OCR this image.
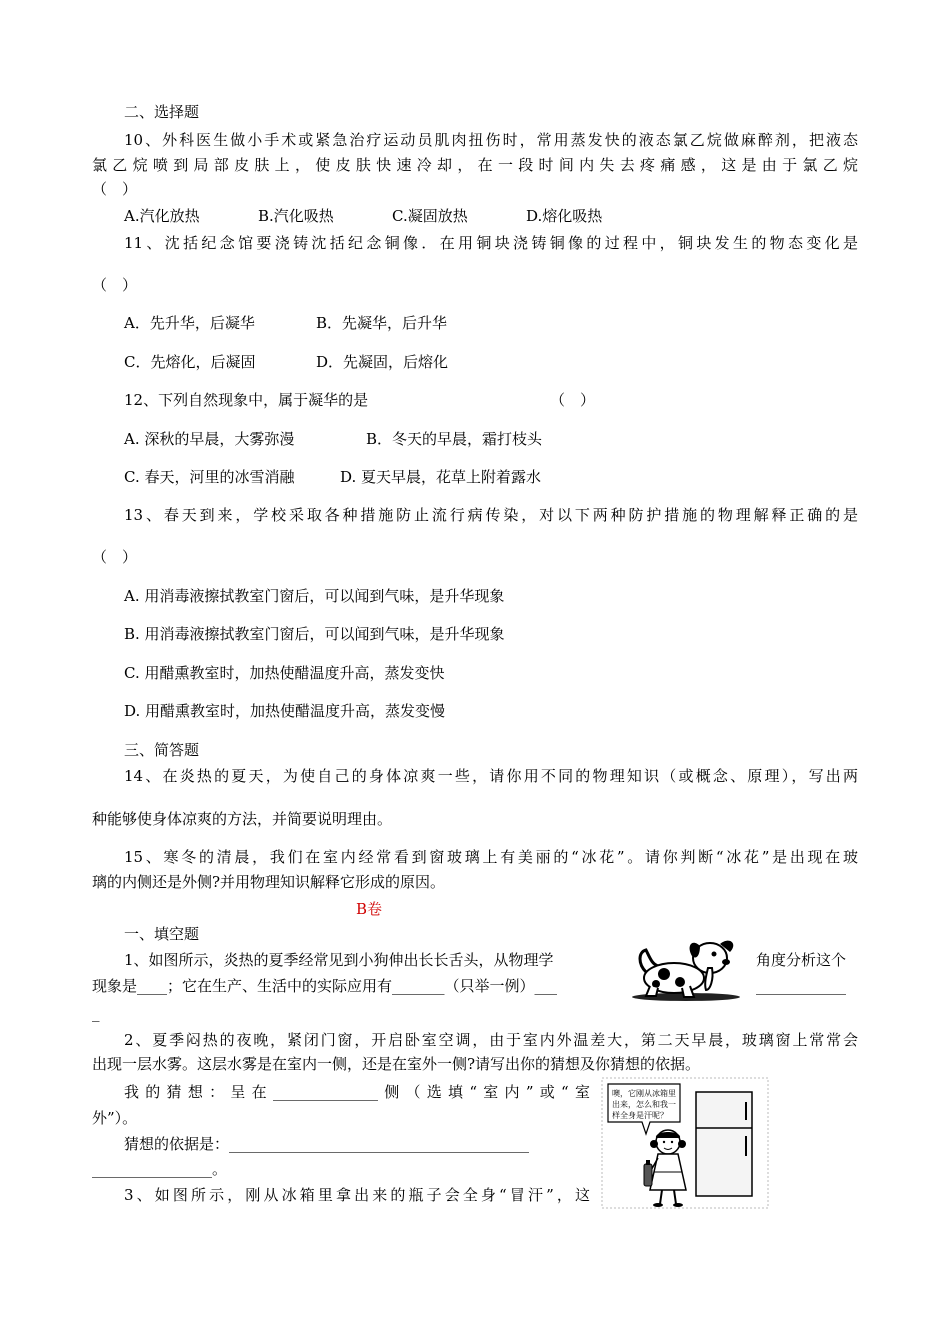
二、选择题
10、外科医生做小手术或紧急治疗运动员肌肉扭伤时，常用蒸发快的液态氯乙烷做麻醉剂，把液态
氯乙烷喷到局部皮肤上，使皮肤快速冷却，在一段时间内失去疼痛感，这是由于氯乙烷
（　）
A.汽化放热	B.汽化吸热	C.凝固放热	D.熔化吸热
11、沈括纪念馆要浇铸沈括纪念铜像．在用铜块浇铸铜像的过程中，铜块发生的物态变化是
（　）
A．先升华，后凝华	B．先凝华，后升华
C．先熔化，后凝固	D．先凝固，后熔化
12、下列自然现象中，属于凝华的是	（　）
A. 深秋的早晨，大雾弥漫	B．冬天的早晨，霜打枝头
C. 春天，河里的冰雪消融	D. 夏天早晨，花草上附着露水
13、春天到来，学校采取各种措施防止流行病传染，对以下两种防护措施的物理解释正确的是
（　）
A. 用消毒液擦拭教室门窗后，可以闻到气味，是升华现象
B. 用消毒液擦拭教室门窗后，可以闻到气味，是升华现象
C. 用醋熏教室时，加热使醋温度升高，蒸发变快
D. 用醋熏教室时，加热使醋温度升高，蒸发变慢
三、简答题
14、在炎热的夏天，为使自己的身体凉爽一些，请你用不同的物理知识（或概念、原理），写出两
种能够使身体凉爽的方法，并简要说明理由。
15、寒冬的清晨，我们在室内经常看到窗玻璃上有美丽的“冰花”。请你判断“冰花”是出现在玻
璃的内侧还是外侧?并用物理知识解释它形成的原因。
B卷
一、填空题
1、如图所示，炎热的夏季经常见到小狗伸出长长舌头，从物理学	角度分析这个
现象是____；它在生产、生活中的实际应用有_______（只举一例）___	____________
_
2、夏季闷热的夜晚，紧闭门窗，开启卧室空调，由于室内外温差大，第二天早晨，玻璃窗上常常会
出现一层水雾。这层水雾是在室内一侧，还是在室外一侧?请写出你的猜想及你猜想的依据。
我的猜想：呈在______________侧（选填“室内”或“室
外”）。
猜想的依据是：________________________________________
________________。
3、如图所示，刚从冰箱里拿出来的瓶子会全身“冒汗”，这
噢，它刚从冰箱里
出来，怎么和我一
样全身是汗呢？
